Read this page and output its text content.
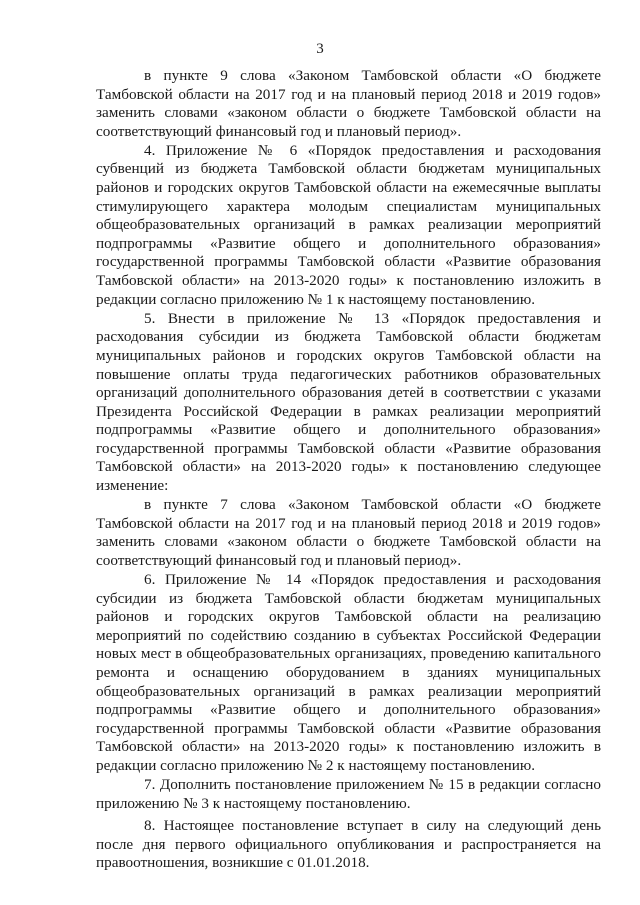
3

в пункте 9 слова «Законом Тамбовской области «О бюджете Тамбовской области на 2017 год и на плановый период 2018 и 2019 годов» заменить словами «законом области о бюджете Тамбовской области на соответствующий финансовый год и плановый период».

4. Приложение № 6 «Порядок предоставления и расходования субвенций из бюджета Тамбовской области бюджетам муниципальных районов и городских округов Тамбовской области на ежемесячные выплаты стимулирующего характера молодым специалистам муниципальных общеобразовательных организаций в рамках реализации мероприятий подпрограммы «Развитие общего и дополнительного образования» государственной программы Тамбовской области «Развитие образования Тамбовской области» на 2013-2020 годы» к постановлению изложить в редакции согласно приложению № 1 к настоящему постановлению.

5. Внести в приложение № 13 «Порядок предоставления и расходования субсидии из бюджета Тамбовской области бюджетам муниципальных районов и городских округов Тамбовской области на повышение оплаты труда педагогических работников образовательных организаций дополнительного образования детей в соответствии с указами Президента Российской Федерации в рамках реализации мероприятий подпрограммы «Развитие общего и дополнительного образования» государственной программы Тамбовской области «Развитие образования Тамбовской области» на 2013-2020 годы» к постановлению следующее изменение:

в пункте 7 слова «Законом Тамбовской области «О бюджете Тамбовской области на 2017 год и на плановый период 2018 и 2019 годов» заменить словами «законом области о бюджете Тамбовской области на соответствующий финансовый год и плановый период».

6. Приложение № 14 «Порядок предоставления и расходования субсидии из бюджета Тамбовской области бюджетам муниципальных районов и городских округов Тамбовской области на реализацию мероприятий по содействию созданию в субъектах Российской Федерации новых мест в общеобразовательных организациях, проведению капитального ремонта и оснащению оборудованием в зданиях муниципальных общеобразовательных организаций в рамках реализации мероприятий подпрограммы «Развитие общего и дополнительного образования» государственной программы Тамбовской области «Развитие образования Тамбовской области» на 2013-2020 годы» к постановлению изложить в редакции согласно приложению № 2 к настоящему постановлению.

7. Дополнить постановление приложением № 15 в редакции согласно приложению № 3 к настоящему постановлению.

8. Настоящее постановление вступает в силу на следующий день после дня первого официального опубликования и распространяется на правоотношения, возникшие с 01.01.2018.
